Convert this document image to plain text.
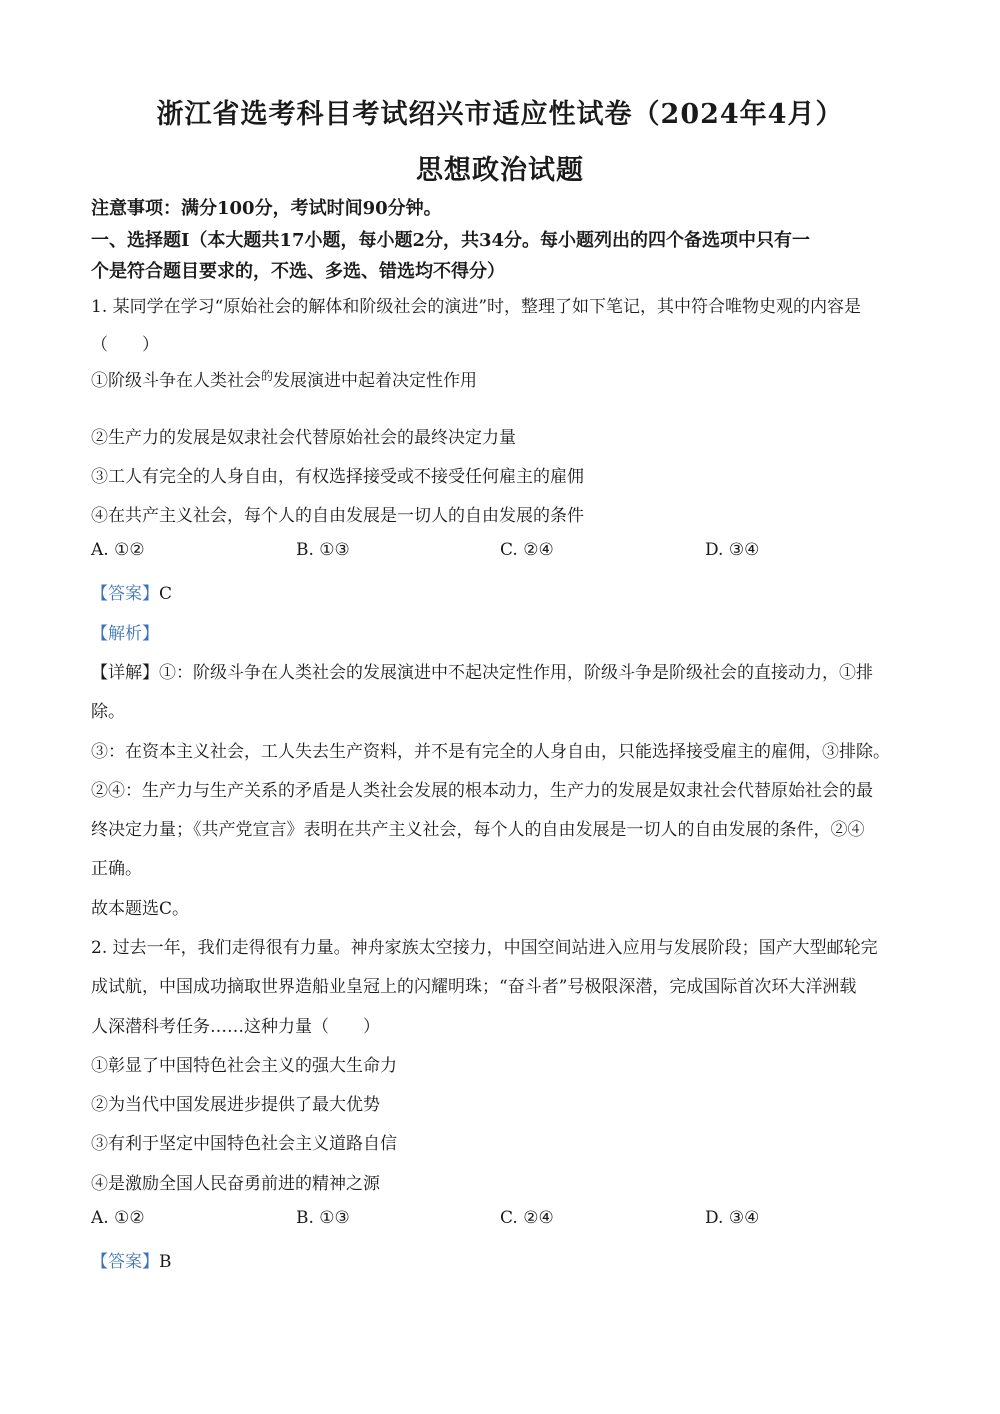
浙江省选考科目考试绍兴市适应性试卷（2024年4月）
思想政治试题
注意事项：满分100分，考试时间90分钟。
一、选择题Ⅰ（本大题共17小题，每小题2分，共34分。每小题列出的四个备选项中只有一
个是符合题目要求的，不选、多选、错选均不得分）
1. 某同学在学习“原始社会的解体和阶级社会的演进”时，整理了如下笔记，其中符合唯物史观的内容是
（　　）
①阶级斗争在人类社会$^的$发展演进中起着决定性作用
②生产力的发展是奴隶社会代替原始社会的最终决定力量
③工人有完全的人身自由，有权选择接受或不接受任何雇主的雇佣
④在共产主义社会，每个人的自由发展是一切人的自由发展的条件
A. ①②	B. ①③	C. ②④	D. ③④
【答案】C
【解析】
【详解】①：阶级斗争在人类社会的发展演进中不起决定性作用，阶级斗争是阶级社会的直接动力，①排
除。
③：在资本主义社会，工人失去生产资料，并不是有完全的人身自由，只能选择接受雇主的雇佣，③排除。
②④：生产力与生产关系的矛盾是人类社会发展的根本动力，生产力的发展是奴隶社会代替原始社会的最
终决定力量；《共产党宣言》表明在共产主义社会，每个人的自由发展是一切人的自由发展的条件，②④
正确。
故本题选C。
2. 过去一年，我们走得很有力量。神舟家族太空接力，中国空间站进入应用与发展阶段；国产大型邮轮完
成试航，中国成功摘取世界造船业皇冠上的闪耀明珠；“奋斗者”号极限深潜，完成国际首次环大洋洲载
人深潜科考任务……这种力量（　　）
①彰显了中国特色社会主义的强大生命力
②为当代中国发展进步提供了最大优势
③有利于坚定中国特色社会主义道路自信
④是激励全国人民奋勇前进的精神之源
A. ①②	B. ①③	C. ②④	D. ③④
【答案】B
